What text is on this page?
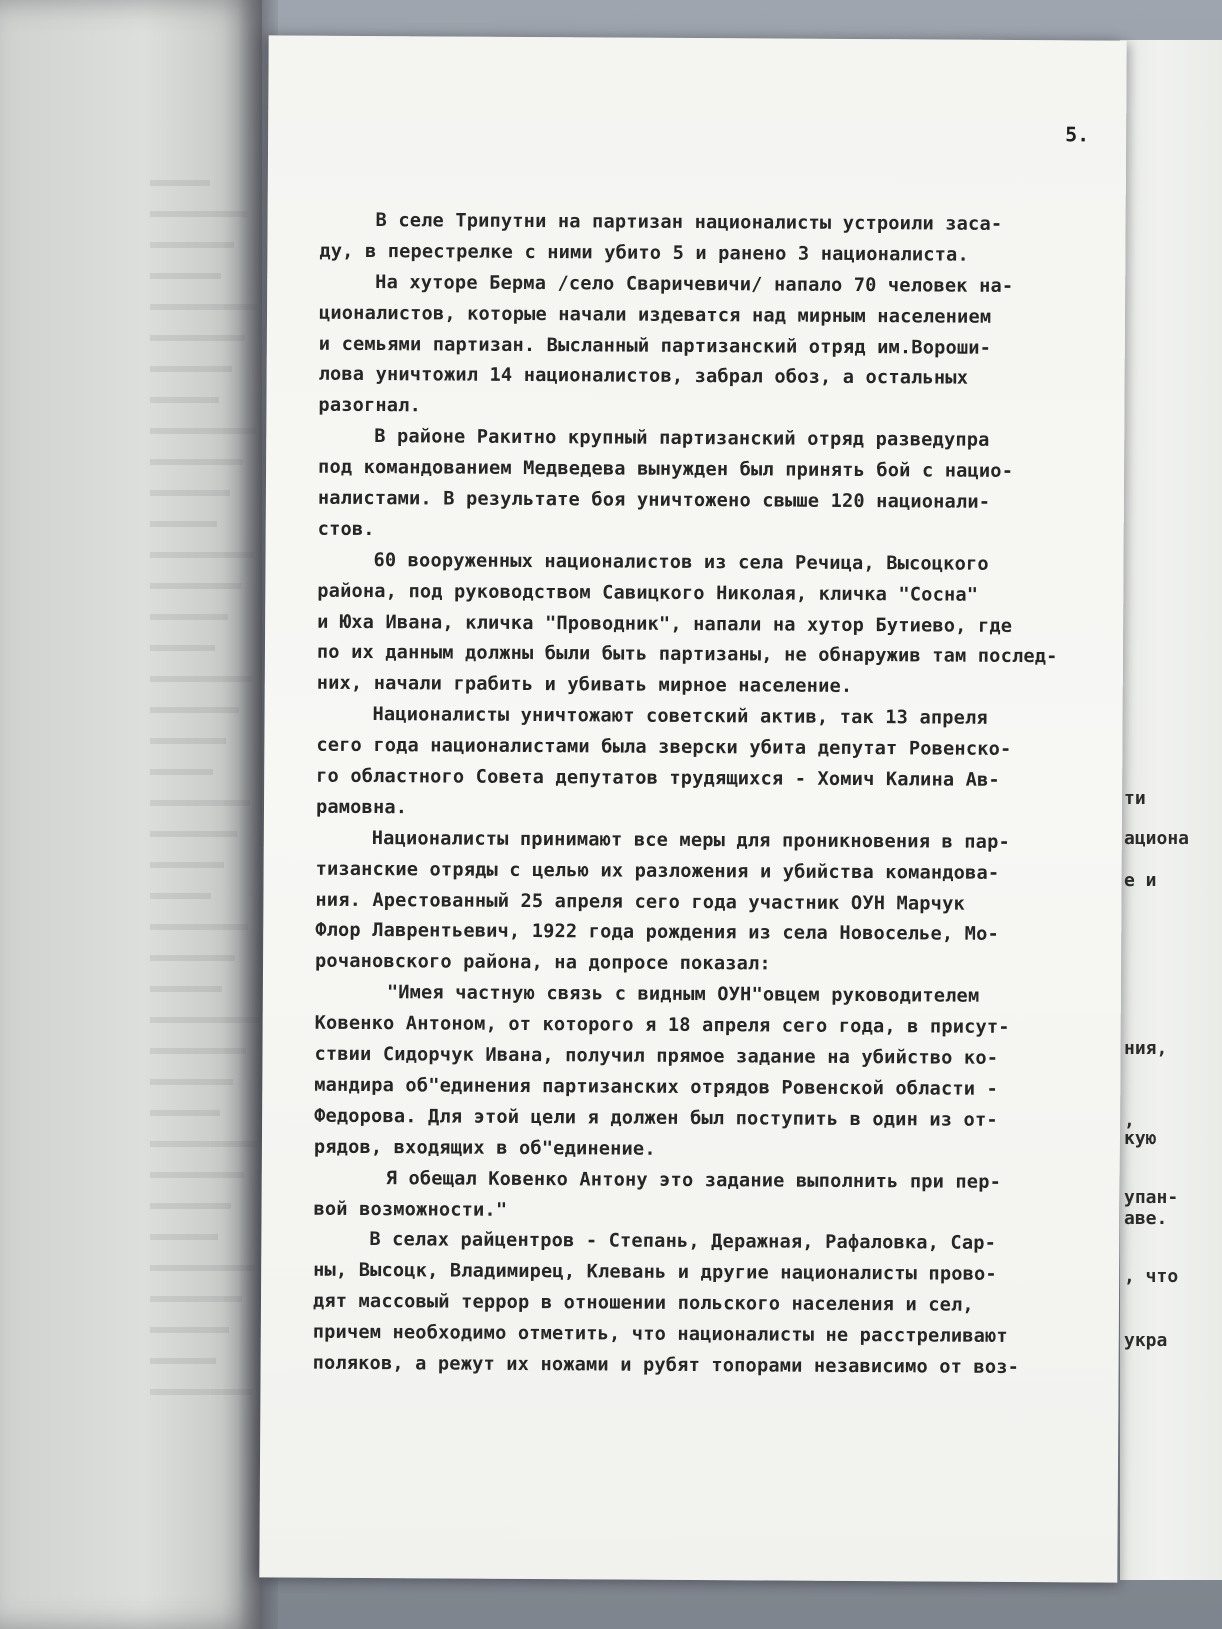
ти
ациона
е и
ния,
,
кую
упан-
аве.
, что
укра
5.
В селе Трипутни на партизан националисты устроили заса-
ду, в перестрелке с ними убито 5 и ранено 3 националиста.
На хуторе Берма /село Сваричевичи/ напало 70 человек на-
ционалистов, которые начали издеватся над мирным населением
и семьями партизан. Высланный партизанский отряд им.Вороши-
лова уничтожил 14 националистов, забрал обоз, а остальных
разогнал.
В районе Ракитно крупный партизанский отряд разведупра
под командованием Медведева вынужден был принять бой с нацио-
налистами. В результате боя уничтожено свыше 120 национали-
стов.
60 вооруженных националистов из села Речица, Высоцкого
района, под руководством Савицкого Николая, кличка "Сосна"
и Юха Ивана, кличка "Проводник", напали на хутор Бутиево, где
по их данным должны были быть партизаны, не обнаружив там послед-
них, начали грабить и убивать мирное население.
Националисты уничтожают советский актив, так 13 апреля
сего года националистами была зверски убита депутат Ровенско-
го областного Совета депутатов трудящихся - Хомич Калина Ав-
рамовна.
Националисты принимают все меры для проникновения в пар-
тизанские отряды с целью их разложения и убийства командова-
ния. Арестованный 25 апреля сего года участник ОУН Марчук
Флор Лаврентьевич, 1922 года рождения из села Новоселье, Мо-
рочановского района, на допросе показал:
"Имея частную связь с видным ОУН"овцем руководителем
Ковенко Антоном, от которого я 18 апреля сего года, в присут-
ствии Сидорчук Ивана, получил прямое задание на убийство ко-
мандира об"единения партизанских отрядов Ровенской области -
Федорова. Для этой цели я должен был поступить в один из от-
рядов, входящих в об"единение.
Я обещал Ковенко Антону это задание выполнить при пер-
вой возможности."
В селах райцентров - Степань, Деражная, Рафаловка, Сар-
ны, Высоцк, Владимирец, Клевань и другие националисты прово-
дят массовый террор в отношении польского населения и сел,
причем необходимо отметить, что националисты не расстреливают
поляков, а режут их ножами и рубят топорами независимо от воз-
